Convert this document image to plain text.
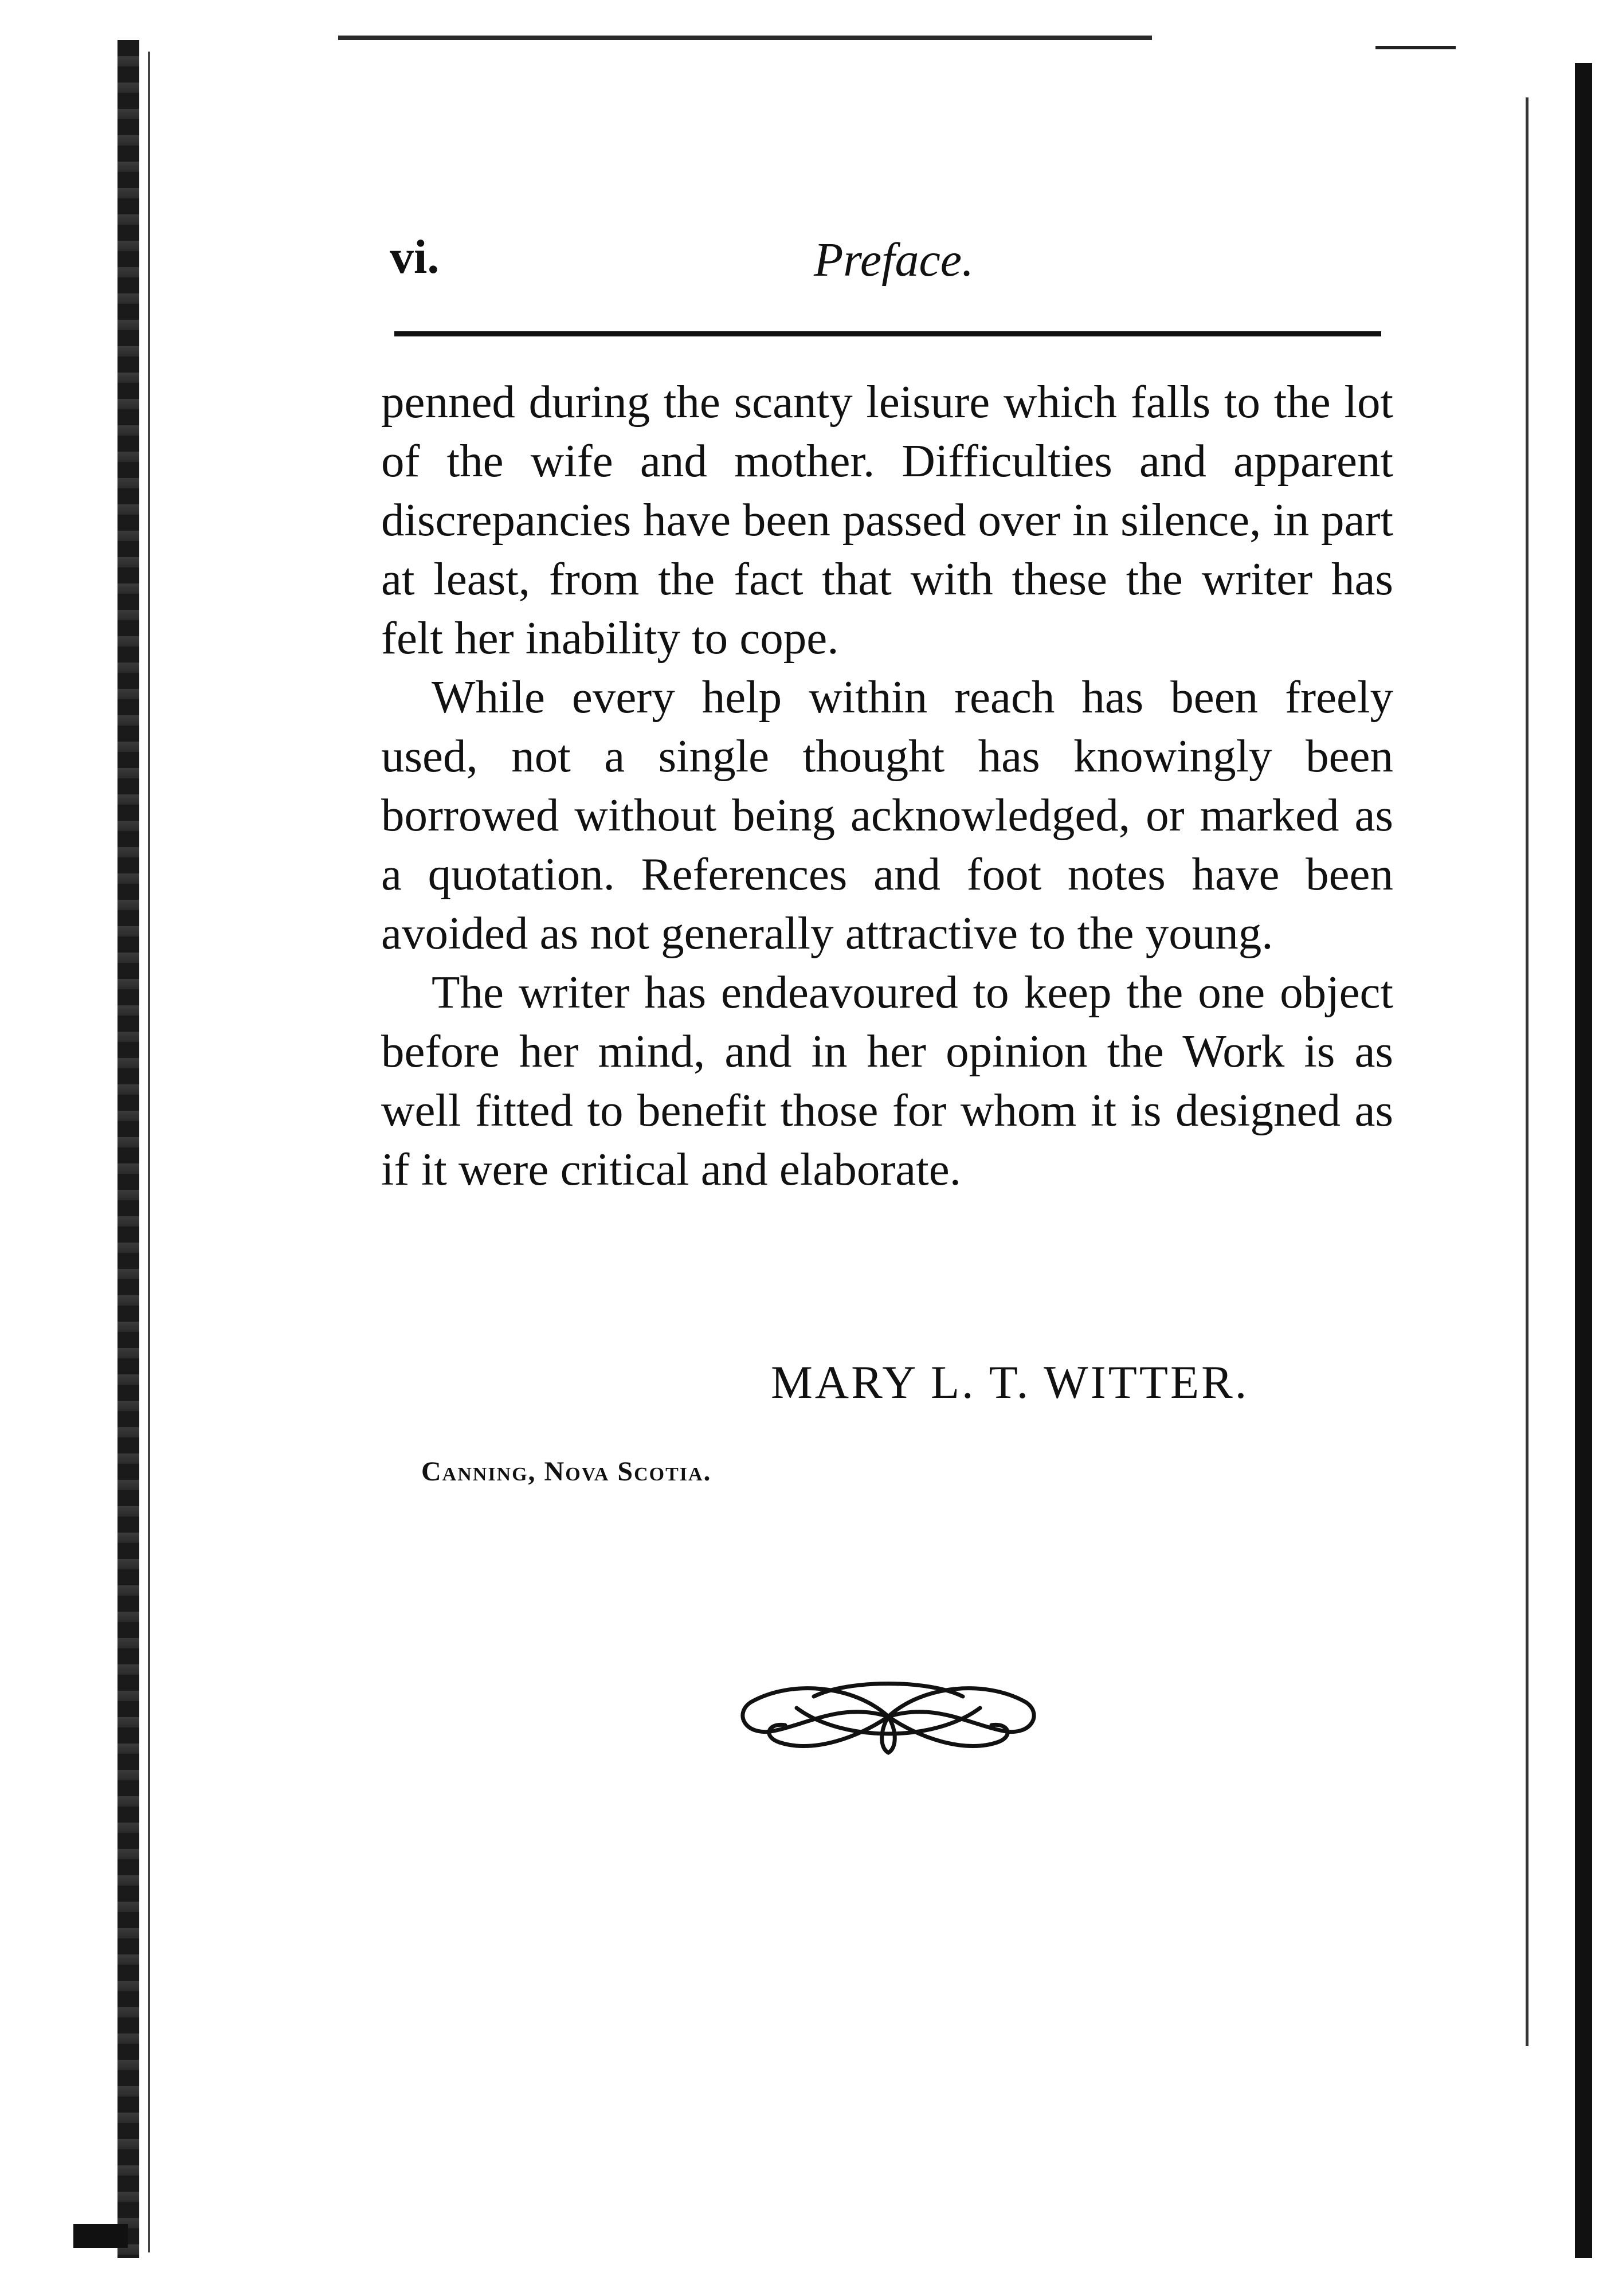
vi.	Preface.

penned during the scanty leisure which falls to the lot of the wife and mother. Difficulties and apparent discrepancies have been passed over in silence, in part at least, from the fact that with these the writer has felt her inability to cope.

While every help within reach has been freely used, not a single thought has knowingly been borrowed without being acknowledged, or marked as a quotation. References and foot notes have been avoided as not generally attractive to the young.

The writer has endeavoured to keep the one object before her mind, and in her opinion the Work is as well fitted to benefit those for whom it is designed as if it were critical and elaborate.

MARY L. T. WITTER.
Canning, Nova Scotia.
